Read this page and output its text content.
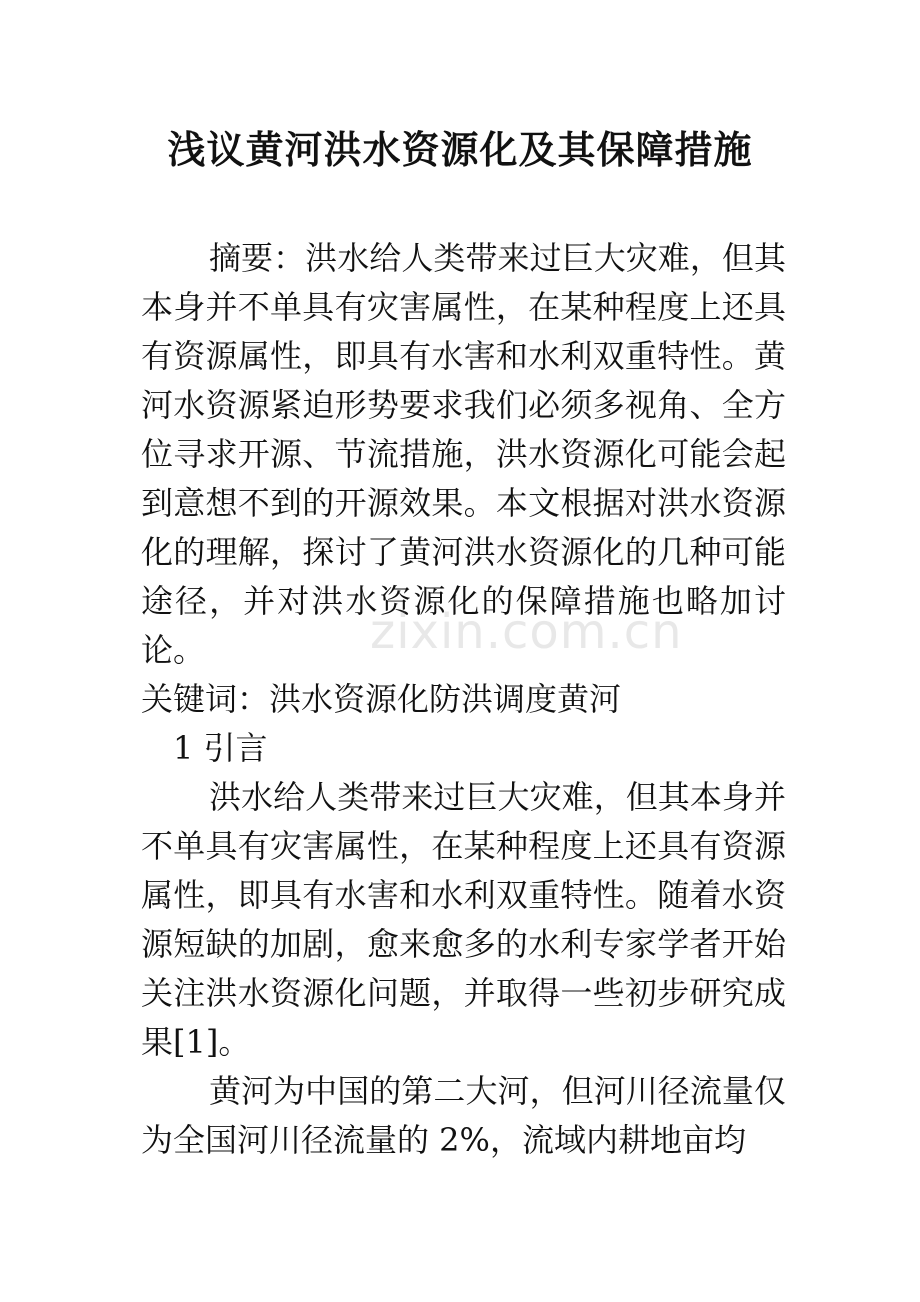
浅议黄河洪水资源化及其保障措施

摘要：洪水给人类带来过巨大灾难，但其本身并不单具有灾害属性，在某种程度上还具有资源属性，即具有水害和水利双重特性。黄河水资源紧迫形势要求我们必须多视角、全方位寻求开源、节流措施，洪水资源化可能会起到意想不到的开源效果。本文根据对洪水资源化的理解，探讨了黄河洪水资源化的几种可能途径，并对洪水资源化的保障措施也略加讨论。

关键词：洪水资源化防洪调度黄河

1 引言

洪水给人类带来过巨大灾难，但其本身并不单具有灾害属性，在某种程度上还具有资源属性，即具有水害和水利双重特性。随着水资源短缺的加剧，愈来愈多的水利专家学者开始关注洪水资源化问题，并取得一些初步研究成果[1]。

黄河为中国的第二大河，但河川径流量仅为全国河川径流量的 2%，流域内耕地亩均

zixin.com.cn
